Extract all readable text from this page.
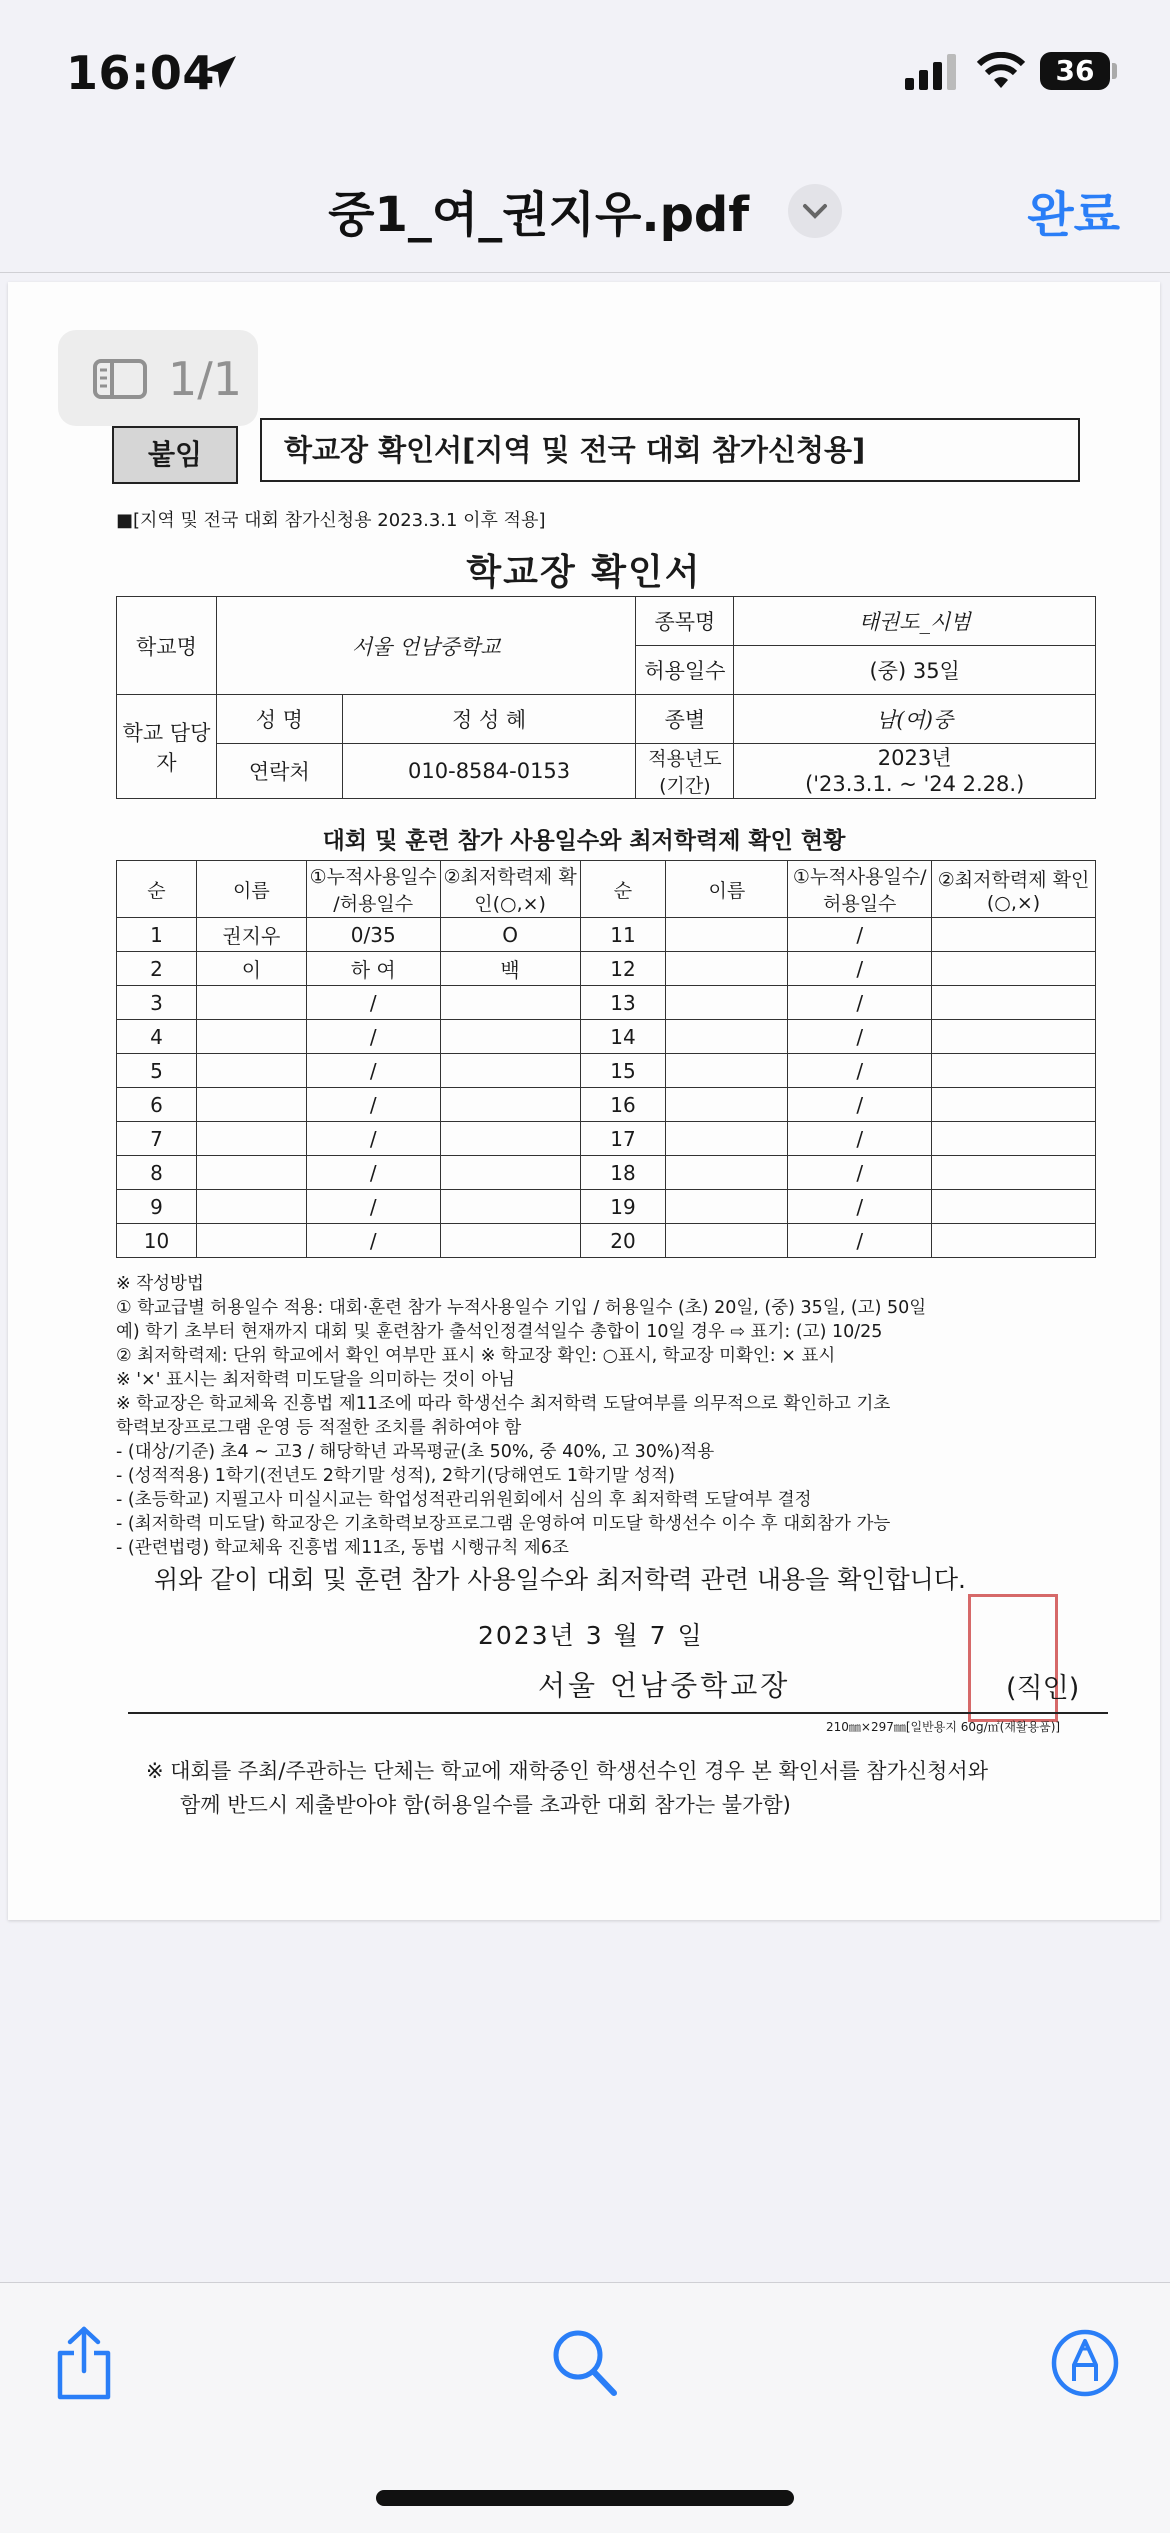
16:04	36
중1_여_권지우.pdf	완료
붙임	학교장 확인서[지역 및 전국 대회 참가신청용]
■[지역 및 전국 대회 참가신청용 2023.3.1 이후 적용]
학교장 확인서
학교명	서울 언남중학교		종목명	태권도_시범
			허용일수	(중) 35일
학교 담당자	성 명	정 성 혜	종별	남(여)중
	연락처	010-8584-0153	적용년도 (기간)	2023년
('23.3.1. ~ '24 2.28.)
대회 및 훈련 참가 사용일수와 최저학력제 확인 현황
순	이름	①누적사용일수 /허용일수	②최저학력제 확인(○,×)	순	이름	①누적사용일수/ 허용일수	②최저학력제 확인(○,×)
1	권지우	0/35	O	11		/	
2	이	하 여	백	12		/	
3		/		13		/	
4		/		14		/	
5		/		15		/	
6		/		16		/	
7		/		17		/	
8		/		18		/	
9		/		19		/	
10		/		20		/	
※ 작성방법
① 학교급별 허용일수 적용: 대회·훈련 참가 누적사용일수 기입 / 허용일수 (초) 20일, (중) 35일, (고) 50일
예) 학기 초부터 현재까지 대회 및 훈련참가 출석인정결석일수 총합이 10일 경우 ⇨ 표기: (고) 10/25
② 최저학력제: 단위 학교에서 확인 여부만 표시 ※ 학교장 확인: ○표시, 학교장 미확인: × 표시
※ '×' 표시는 최저학력 미도달을 의미하는 것이 아님
※ 학교장은 학교체육 진흥법 제11조에 따라 학생선수 최저학력 도달여부를 의무적으로 확인하고 기초
학력보장프로그램 운영 등 적절한 조치를 취하여야 함
- (대상/기준) 초4 ~ 고3 / 해당학년 과목평균(초 50%, 중 40%, 고 30%)적용
- (성적적용) 1학기(전년도 2학기말 성적), 2학기(당해연도 1학기말 성적)
- (초등학교) 지필고사 미실시교는 학업성적관리위원회에서 심의 후 최저학력 도달여부 결정
- (최저학력 미도달) 학교장은 기초학력보장프로그램 운영하여 미도달 학생선수 이수 후 대회참가 가능
- (관련법령) 학교체육 진흥법 제11조, 동법 시행규칙 제6조
위와 같이 대회 및 훈련 참가 사용일수와 최저학력 관련 내용을 확인합니다.
2023년 3 월 7 일
서울 언남중학교장	(직인)
210㎜×297㎜[일반용지 60g/㎡(재활용품)]
※ 대회를 주최/주관하는 단체는 학교에 재학중인 학생선수인 경우 본 확인서를 참가신청서와
함께 반드시 제출받아야 함(허용일수를 초과한 대회 참가는 불가함)
1/1
